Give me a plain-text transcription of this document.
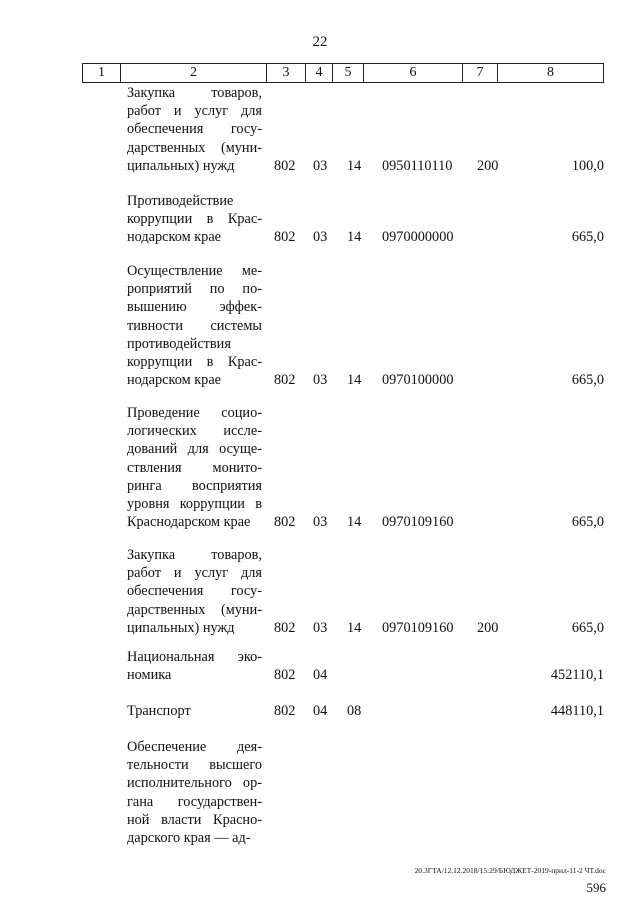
22
1	2	3	4	5	6	7	8
Закупка товаров,
работ и услуг для
обеспечения госу-
дарственных (муни-
ципальных) нужд	802 03 14 0950110110 200	100,0
Противодействие
коррупции в Крас-
нодарском крае	802 03 14 0970000000	665,0
Осуществление ме-
роприятий по по-
вышению эффек-
тивности системы
противодействия
коррупции в Крас-
нодарском крае	802 03 14 0970100000	665,0
Проведение социо-
логических иссле-
дований для осуще-
ствления монито-
ринга восприятия
уровня коррупции в
Краснодарском крае	802 03 14 0970109160	665,0
Закупка товаров,
работ и услуг для
обеспечения госу-
дарственных (муни-
ципальных) нужд	802 03 14 0970109160 200	665,0
Национальная эко-
номика	802 04	452110,1
Транспорт	802 04 08	448110,1
Обеспечение дея-
тельности высшего
исполнительного ор-
гана государствен-
ной власти Красно-
дарского края — ад-
20.3ГТА/12.12.2018/15:29/БЮДЖЕТ-2019-прил-11-2 ЧТ.doc
596
